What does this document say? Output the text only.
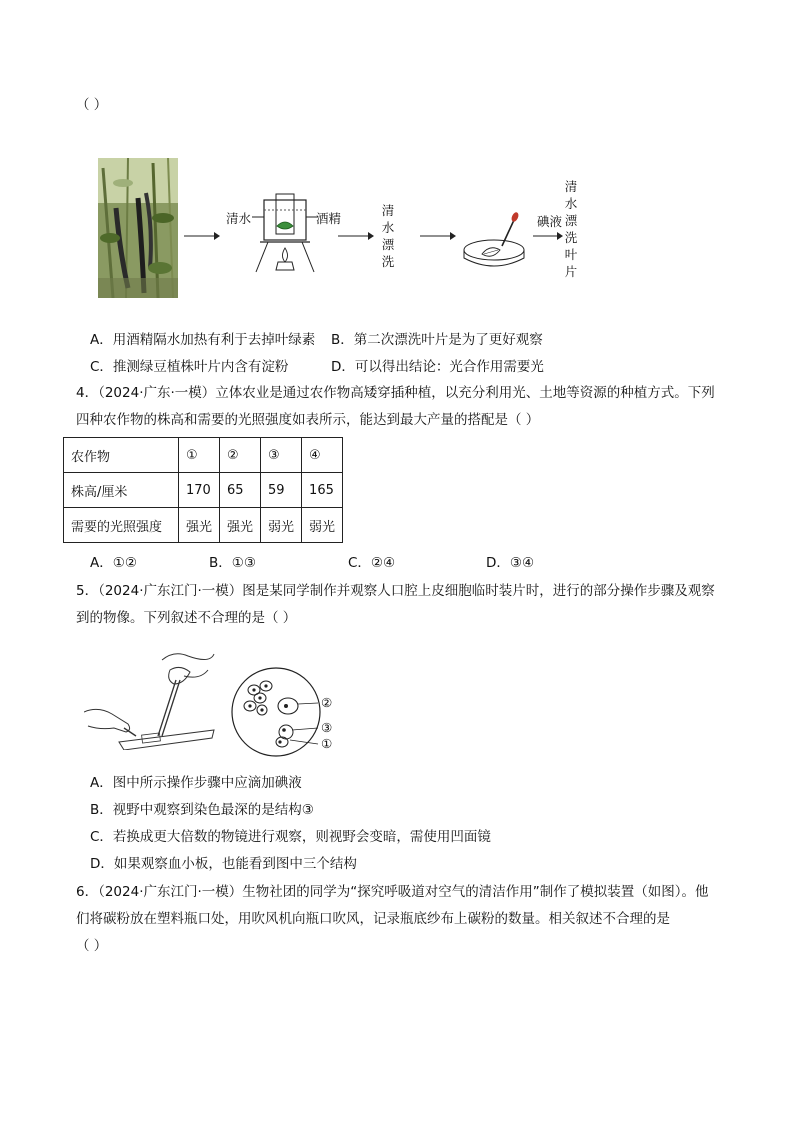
（ ）
清水	酒精
清水漂洗
碘液
清水漂洗叶片
A．用酒精隔水加热有利于去掉叶绿素 B．第二次漂洗叶片是为了更好观察
C．推测绿豆植株叶片内含有淀粉	D．可以得出结论：光合作用需要光
4．（2024·广东·一模）立体农业是通过农作物高矮穿插种植，以充分利用光、土地等资源的种植方式。下列
四种农作物的株高和需要的光照强度如表所示，能达到最大产量的搭配是（ ）
农作物	①	②	③	④
株高/厘米	170	65	59	165
需要的光照强度	强光	强光	弱光	弱光
A．①②	B．①③	C．②④	D．③④
5．（2024·广东江门·一模）图是某同学制作并观察人口腔上皮细胞临时装片时，进行的部分操作步骤及观察
到的物像。下列叙述不合理的是（ ）
②
③
①
A．图中所示操作步骤中应滴加碘液
B．视野中观察到染色最深的是结构③
C．若换成更大倍数的物镜进行观察，则视野会变暗，需使用凹面镜
D．如果观察血小板，也能看到图中三个结构
6．（2024·广东江门·一模）生物社团的同学为“探究呼吸道对空气的清洁作用”制作了模拟装置（如图）。他
们将碳粉放在塑料瓶口处，用吹风机向瓶口吹风，记录瓶底纱布上碳粉的数量。相关叙述不合理的是
（ ）
